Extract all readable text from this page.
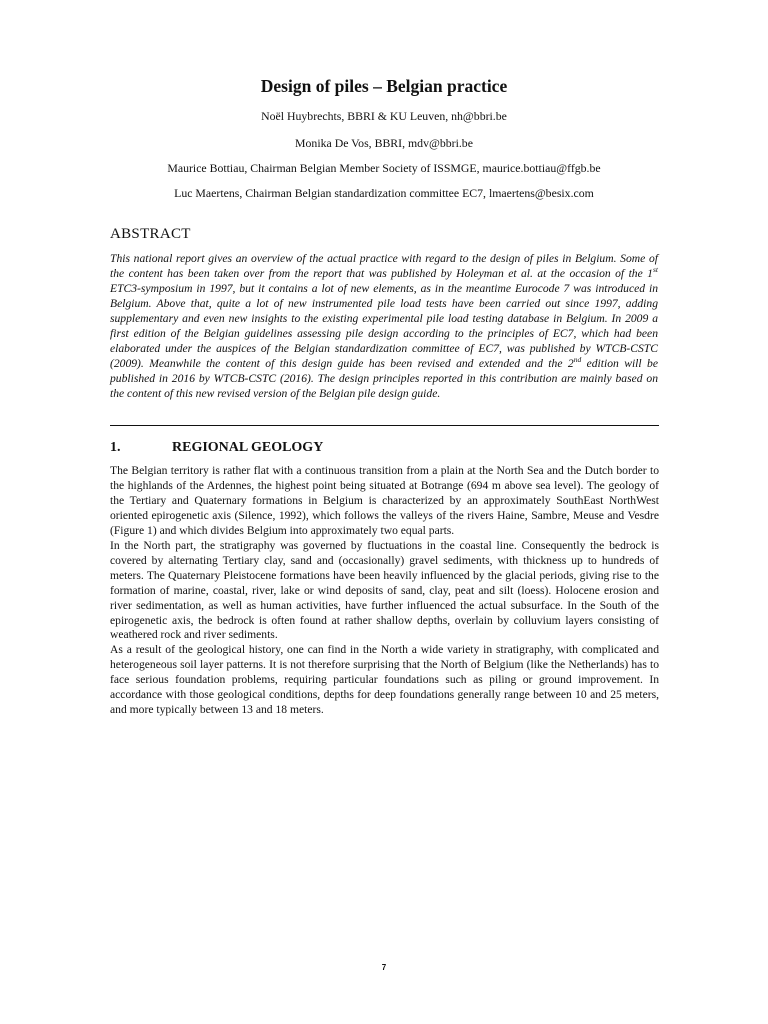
Design of piles – Belgian practice
Noël Huybrechts, BBRI & KU Leuven, nh@bbri.be
Monika De Vos, BBRI, mdv@bbri.be
Maurice Bottiau, Chairman Belgian Member Society of ISSMGE, maurice.bottiau@ffgb.be
Luc Maertens, Chairman Belgian standardization committee EC7, lmaertens@besix.com
ABSTRACT
This national report gives an overview of the actual practice with regard to the design of piles in Belgium. Some of the content has been taken over from the report that was published by Holeyman et al. at the occasion of the 1st ETC3-symposium in 1997, but it contains a lot of new elements, as in the meantime Eurocode 7 was introduced in Belgium. Above that, quite a lot of new instrumented pile load tests have been carried out since 1997, adding supplementary and even new insights to the existing experimental pile load testing database in Belgium. In 2009 a first edition of the Belgian guidelines assessing pile design according to the principles of EC7, which had been elaborated under the auspices of the Belgian standardization committee of EC7, was published by WTCB-CSTC (2009). Meanwhile the content of this design guide has been revised and extended and the 2nd edition will be published in 2016 by WTCB-CSTC (2016). The design principles reported in this contribution are mainly based on the content of this new revised version of the Belgian pile design guide.
1.	REGIONAL GEOLOGY

The Belgian territory is rather flat with a continuous transition from a plain at the North Sea and the Dutch border to the highlands of the Ardennes, the highest point being situated at Botrange (694 m above sea level). The geology of the Tertiary and Quaternary formations in Belgium is characterized by an approximately SouthEast NorthWest oriented epirogenetic axis (Silence, 1992), which follows the valleys of the rivers Haine, Sambre, Meuse and Vesdre (Figure 1) and which divides Belgium into approximately two equal parts.

In the North part, the stratigraphy was governed by fluctuations in the coastal line. Consequently the bedrock is covered by alternating Tertiary clay, sand and (occasionally) gravel sediments, with thickness up to hundreds of meters. The Quaternary Pleistocene formations have been heavily influenced by the glacial periods, giving rise to the formation of marine, coastal, river, lake or wind deposits of sand, clay, peat and silt (loess). Holocene erosion and river sedimentation, as well as human activities, have further influenced the actual subsurface. In the South of the epirogenetic axis, the bedrock is often found at rather shallow depths, overlain by colluvium layers consisting of weathered rock and river sediments.

As a result of the geological history, one can find in the North a wide variety in stratigraphy, with complicated and heterogeneous soil layer patterns. It is not therefore surprising that the North of Belgium (like the Netherlands) has to face serious foundation problems, requiring particular foundations such as piling or ground improvement. In accordance with those geological conditions, depths for deep foundations generally range between 10 and 25 meters, and more typically between 13 and 18 meters.

7
